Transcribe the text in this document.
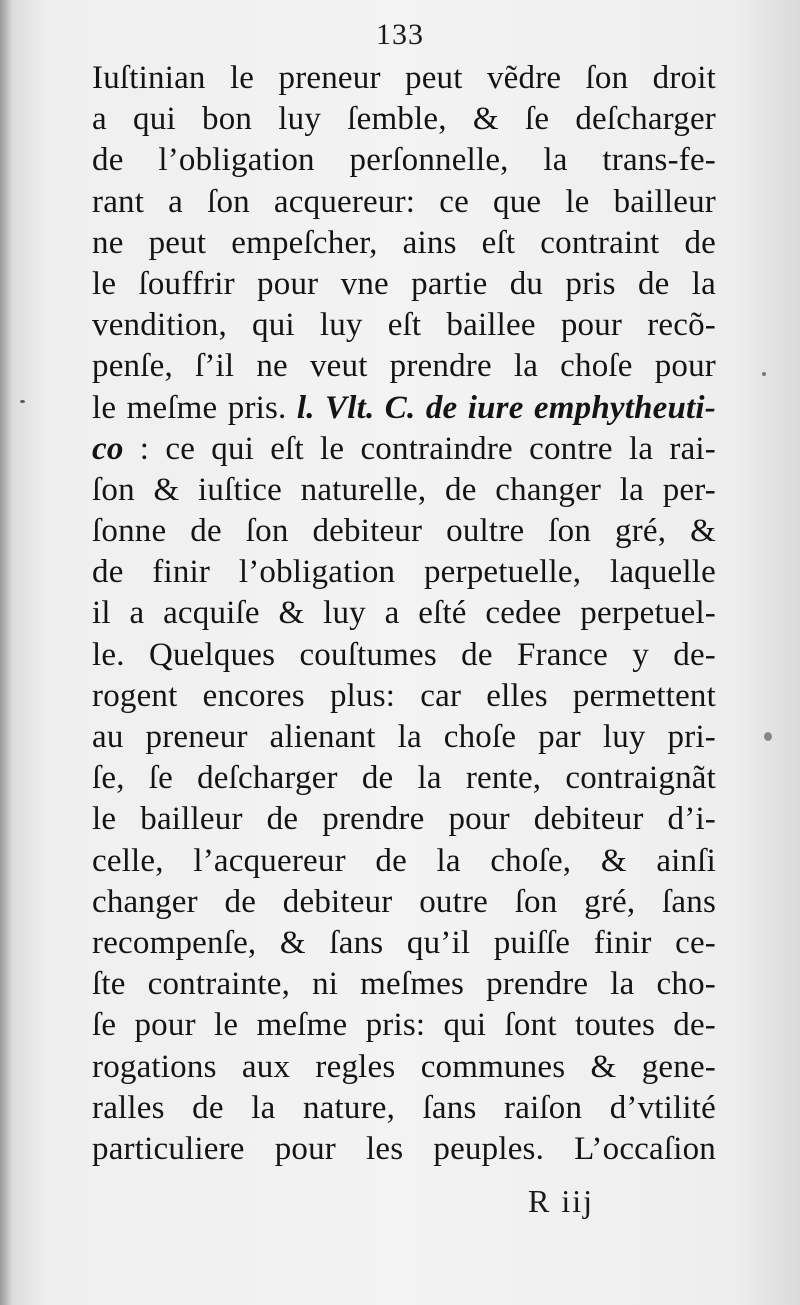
133
Iuſtinian le preneur peut vẽdre ſon droit
a qui bon luy ſemble, & ſe deſcharger
de l’obligation perſonnelle, la trans-fe-
rant a ſon acquereur: ce que le bailleur
ne peut empeſcher, ains eſt contraint de
le ſouffrir pour vne partie du pris de la
vendition, qui luy eſt baillee pour recõ-
penſe, ſ’il ne veut prendre la choſe pour
le meſme pris. l. Vlt. C. de iure emphytheuti-
co : ce qui eſt le contraindre contre la rai-
ſon & iuſtice naturelle, de changer la per-
ſonne de ſon debiteur oultre ſon gré, &
de finir l’obligation perpetuelle, laquelle
il a acquiſe & luy a eſté cedee perpetuel-
le. Quelques couſtumes de France y de-
rogent encores plus: car elles permettent
au preneur alienant la choſe par luy pri-
ſe, ſe deſcharger de la rente, contraignãt
le bailleur de prendre pour debiteur d’i-
celle, l’acquereur de la choſe, & ainſi
changer de debiteur outre ſon gré, ſans
recompenſe, & ſans qu’il puiſſe finir ce-
ſte contrainte, ni meſmes prendre la cho-
ſe pour le meſme pris: qui ſont toutes de-
rogations aux regles communes & gene-
ralles de la nature, ſans raiſon d’vtilité
particuliere pour les peuples. L’occaſion
R iij
